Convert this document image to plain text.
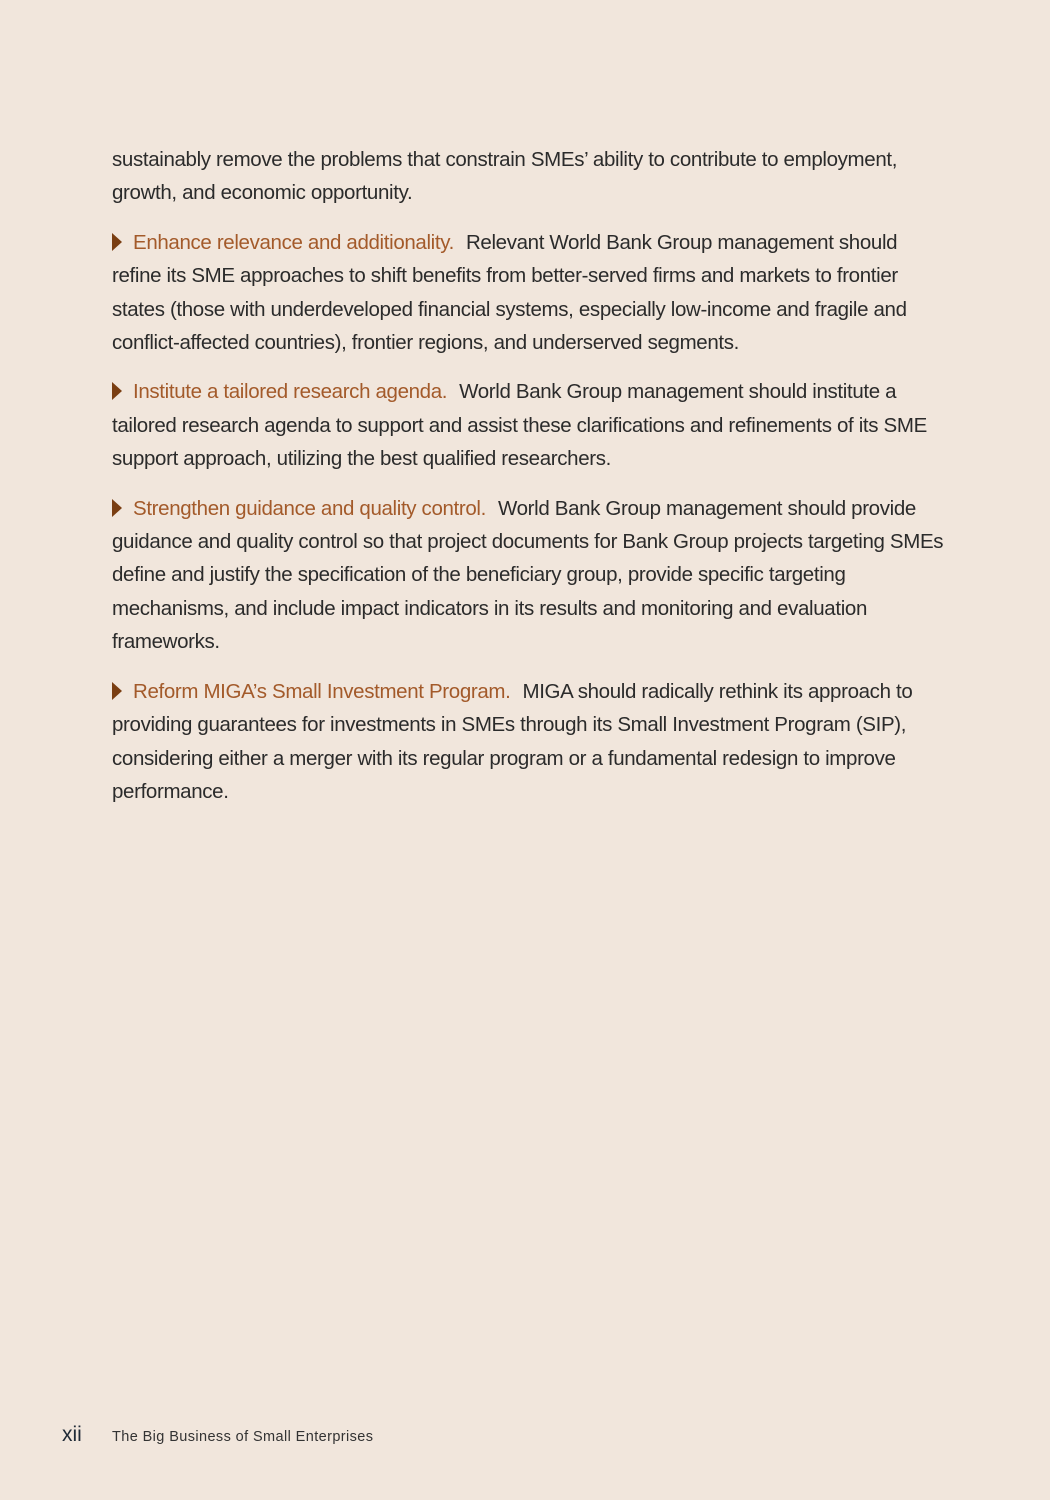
sustainably remove the problems that constrain SMEs’ ability to contribute to employment, growth, and economic opportunity.

Enhance relevance and additionality. Relevant World Bank Group management should refine its SME approaches to shift benefits from better-served firms and markets to frontier states (those with underdeveloped financial systems, especially low-income and fragile and conflict-affected countries), frontier regions, and underserved segments.

Institute a tailored research agenda. World Bank Group management should institute a tailored research agenda to support and assist these clarifications and refinements of its SME support approach, utilizing the best qualified researchers.

Strengthen guidance and quality control. World Bank Group management should provide guidance and quality control so that project documents for Bank Group projects targeting SMEs define and justify the specification of the beneficiary group, provide specific targeting mechanisms, and include impact indicators in its results and monitoring and evaluation frameworks.

Reform MIGA’s Small Investment Program. MIGA should radically rethink its approach to providing guarantees for investments in SMEs through its Small Investment Program (SIP), considering either a merger with its regular program or a fundamental redesign to improve performance.

xii	The Big Business of Small Enterprises
